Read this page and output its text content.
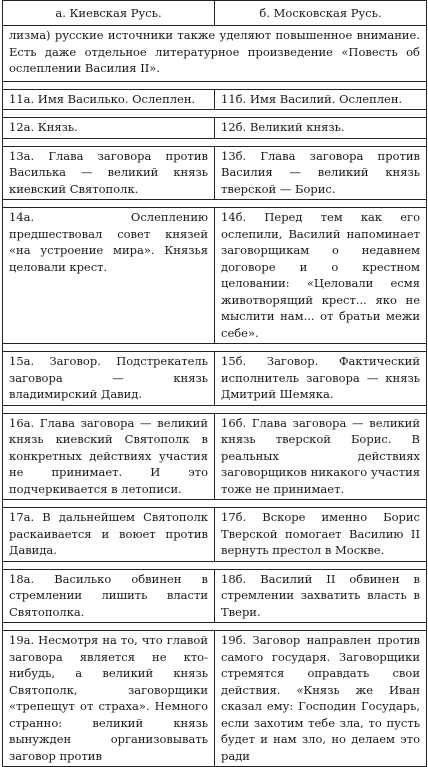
а. Киевская Русь.	б. Московская Русь.
лизма) русские источники также уделяют повышенное внимание. Есть даже отдельное литературное произведение «Повесть об ослеплении Василия II».	

11а. Имя Василько. Ослеплен.	11б. Имя Василий. Ослеплен.

12а. Князь.	12б. Великий князь.

13а. Глава заговора против Василька — великий князь киевский Святополк.	13б. Глава заговора против Василия — великий князь тверской — Борис.

14а. Ослеплению предшествовал совет князей «на устроение мира». Князья целовали крест.	14б. Перед тем как его ослепили, Василий напоминает заговорщикам о недавнем договоре и о крестном целовании: «Целовали есмя животворящий крест... яко не мыслити нам... от братьи межи себе».

15а. Заговор. Подстрекатель заговора — князь владимирский Давид.	15б. Заговор. Фактический исполнитель заговора — князь Дмитрий Шемяка.

16а. Глава заговора — великий князь киевский Святополк в конкретных действиях участия не принимает. И это подчеркивается в летописи.	16б. Глава заговора — великий князь тверской Борис. В реальных действиях заговорщиков никакого участия тоже не принимает.

17а. В дальнейшем Святополк раскаивается и воюет против Давида.	17б. Вскоре именно Борис Тверской помогает Василию II вернуть престол в Москве.

18а. Василько обвинен в стремлении лишить власти Святополка.	18б. Василий II обвинен в стремлении захватить власть в Твери.

19а. Несмотря на то, что главой заговора является не кто-нибудь, а великий князь Святополк, заговорщики «трепещут от страха». Немного странно: великий князь вынужден организовывать заговор против	19б. Заговор направлен против самого государя. Заговорщики стремятся оправдать свои действия. «Князь же Иван сказал ему: Господин Государь, если захотим тебе зла, то пусть будет и нам зло, но делаем это ради
